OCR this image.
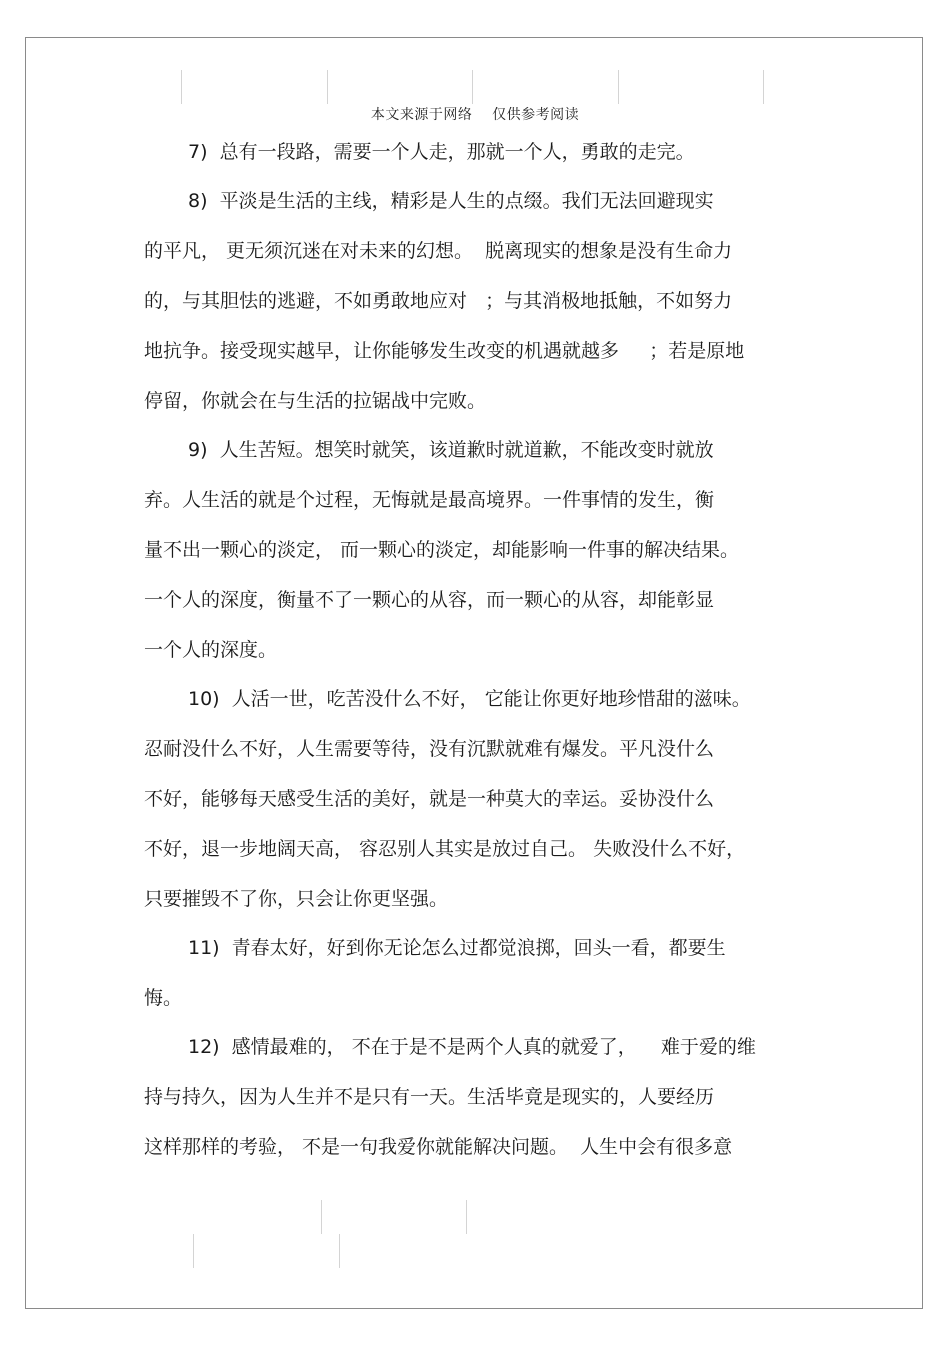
本文来源于网络    仅供参考阅读
7)  总有一段路，需要一个人走，那就一个人，勇敢的走完。
8)  平淡是生活的主线，精彩是人生的点缀。我们无法回避现实
的平凡， 更无须沉迷在对未来的幻想。  脱离现实的想象是没有生命力
的，与其胆怯的逃避，不如勇敢地应对   ；与其消极地抵触，不如努力
地抗争。接受现实越早，让你能够发生改变的机遇就越多     ；若是原地
停留，你就会在与生活的拉锯战中完败。
9)  人生苦短。想笑时就笑，该道歉时就道歉，不能改变时就放
弃。人生活的就是个过程，无悔就是最高境界。一件事情的发生，衡
量不出一颗心的淡定， 而一颗心的淡定，却能影响一件事的解决结果。
一个人的深度，衡量不了一颗心的从容，而一颗心的从容，却能彰显
一个人的深度。
10)  人活一世，吃苦没什么不好， 它能让你更好地珍惜甜的滋味。
忍耐没什么不好，人生需要等待，没有沉默就难有爆发。平凡没什么
不好，能够每天感受生活的美好，就是一种莫大的幸运。妥协没什么
不好，退一步地阔天高， 容忍别人其实是放过自己。 失败没什么不好，
只要摧毁不了你，只会让你更坚强。
11)  青春太好，好到你无论怎么过都觉浪掷，回头一看，都要生
悔。
12)  感情最难的， 不在于是不是两个人真的就爱了，    难于爱的维
持与持久，因为人生并不是只有一天。生活毕竟是现实的，人要经历
这样那样的考验， 不是一句我爱你就能解决问题。  人生中会有很多意
